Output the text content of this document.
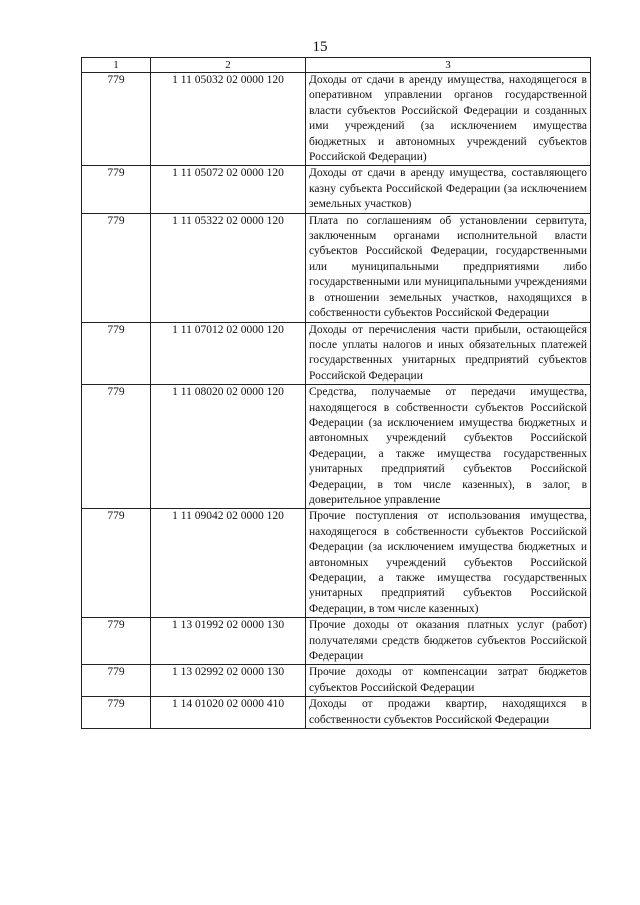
15
1	2	3
779	1 11 05032 02 0000 120	Доходы от сдачи в аренду имущества, находящегося в оперативном управлении органов государственной власти субъектов Российской Федерации и созданных ими учреждений (за исключением имущества бюджетных и автономных учреждений субъектов Российской Федерации)
779	1 11 05072 02 0000 120	Доходы от сдачи в аренду имущества, составляющего казну субъекта Российской Федерации (за исключением земельных участков)
779	1 11 05322 02 0000 120	Плата по соглашениям об установлении сервитута, заключенным органами исполнительной власти субъектов Российской Федерации, государственными или муниципальными предприятиями либо государственными или муниципальными учреждениями в отношении земельных участков, находящихся в собственности субъектов Российской Федерации
779	1 11 07012 02 0000 120	Доходы от перечисления части прибыли, остающейся после уплаты налогов и иных обязательных платежей государственных унитарных предприятий субъектов Российской Федерации
779	1 11 08020 02 0000 120	Средства, получаемые от передачи имущества, находящегося в собственности субъектов Российской Федерации (за исключением имущества бюджетных и автономных учреждений субъектов Российской Федерации, а также имущества государственных унитарных предприятий субъектов Российской Федерации, в том числе казенных), в залог, в доверительное управление
779	1 11 09042 02 0000 120	Прочие поступления от использования имущества, находящегося в собственности субъектов Российской Федерации (за исключением имущества бюджетных и автономных учреждений субъектов Российской Федерации, а также имущества государственных унитарных предприятий субъектов Российской Федерации, в том числе казенных)
779	1 13 01992 02 0000 130	Прочие доходы от оказания платных услуг (работ) получателями средств бюджетов субъектов Российской Федерации
779	1 13 02992 02 0000 130	Прочие доходы от компенсации затрат бюджетов субъектов Российской Федерации
779	1 14 01020 02 0000 410	Доходы от продажи квартир, находящихся в собственности субъектов Российской Федерации
